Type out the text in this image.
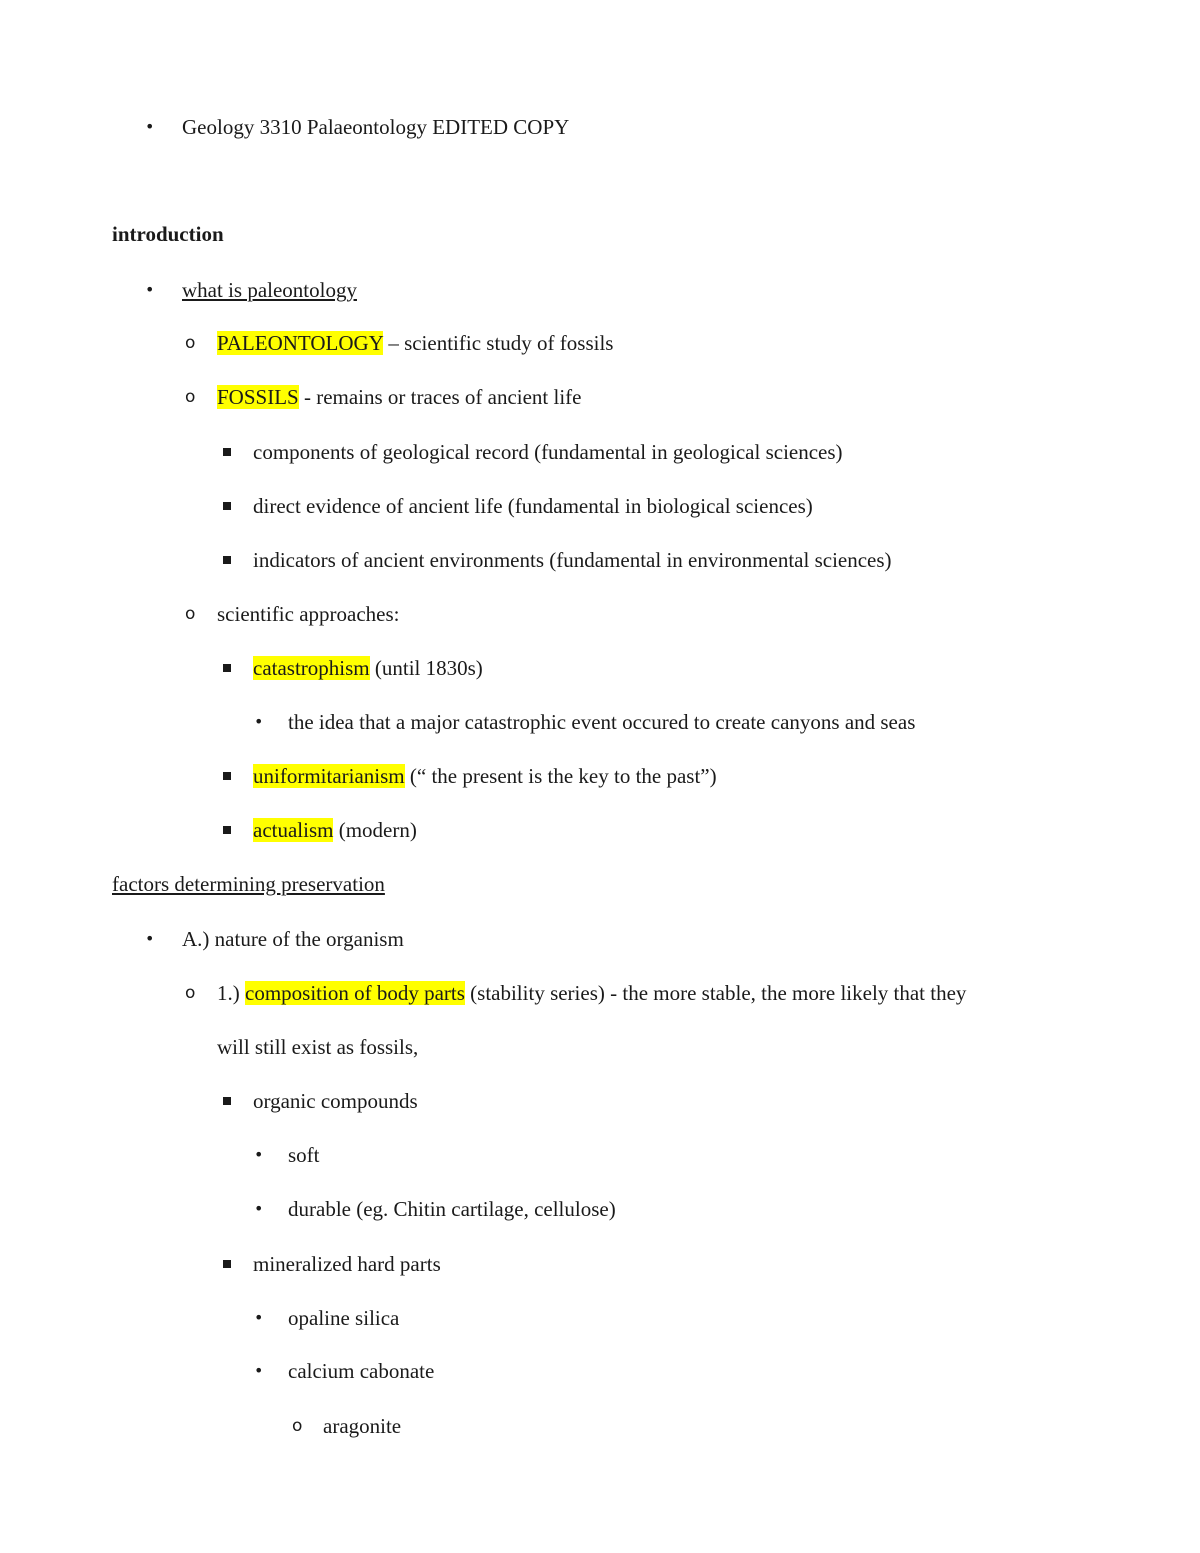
• Geology 3310 Palaeontology EDITED COPY
introduction
• what is paleontology
o PALEONTOLOGY – scientific study of fossils
o FOSSILS - remains or traces of ancient life
components of geological record (fundamental in geological sciences)
direct evidence of ancient life (fundamental in biological sciences)
indicators of ancient environments (fundamental in environmental sciences)
o scientific approaches:
catastrophism (until 1830s)
• the idea that a major catastrophic event occured to create canyons and seas
uniformitarianism (“ the present is the key to the past”)
actualism (modern)
factors determining preservation
• A.) nature of the organism
o 1.) composition of body parts (stability series) - the more stable, the more likely that they
will still exist as fossils,
organic compounds
• soft
• durable (eg. Chitin cartilage, cellulose)
mineralized hard parts
• opaline silica
• calcium cabonate
o aragonite
